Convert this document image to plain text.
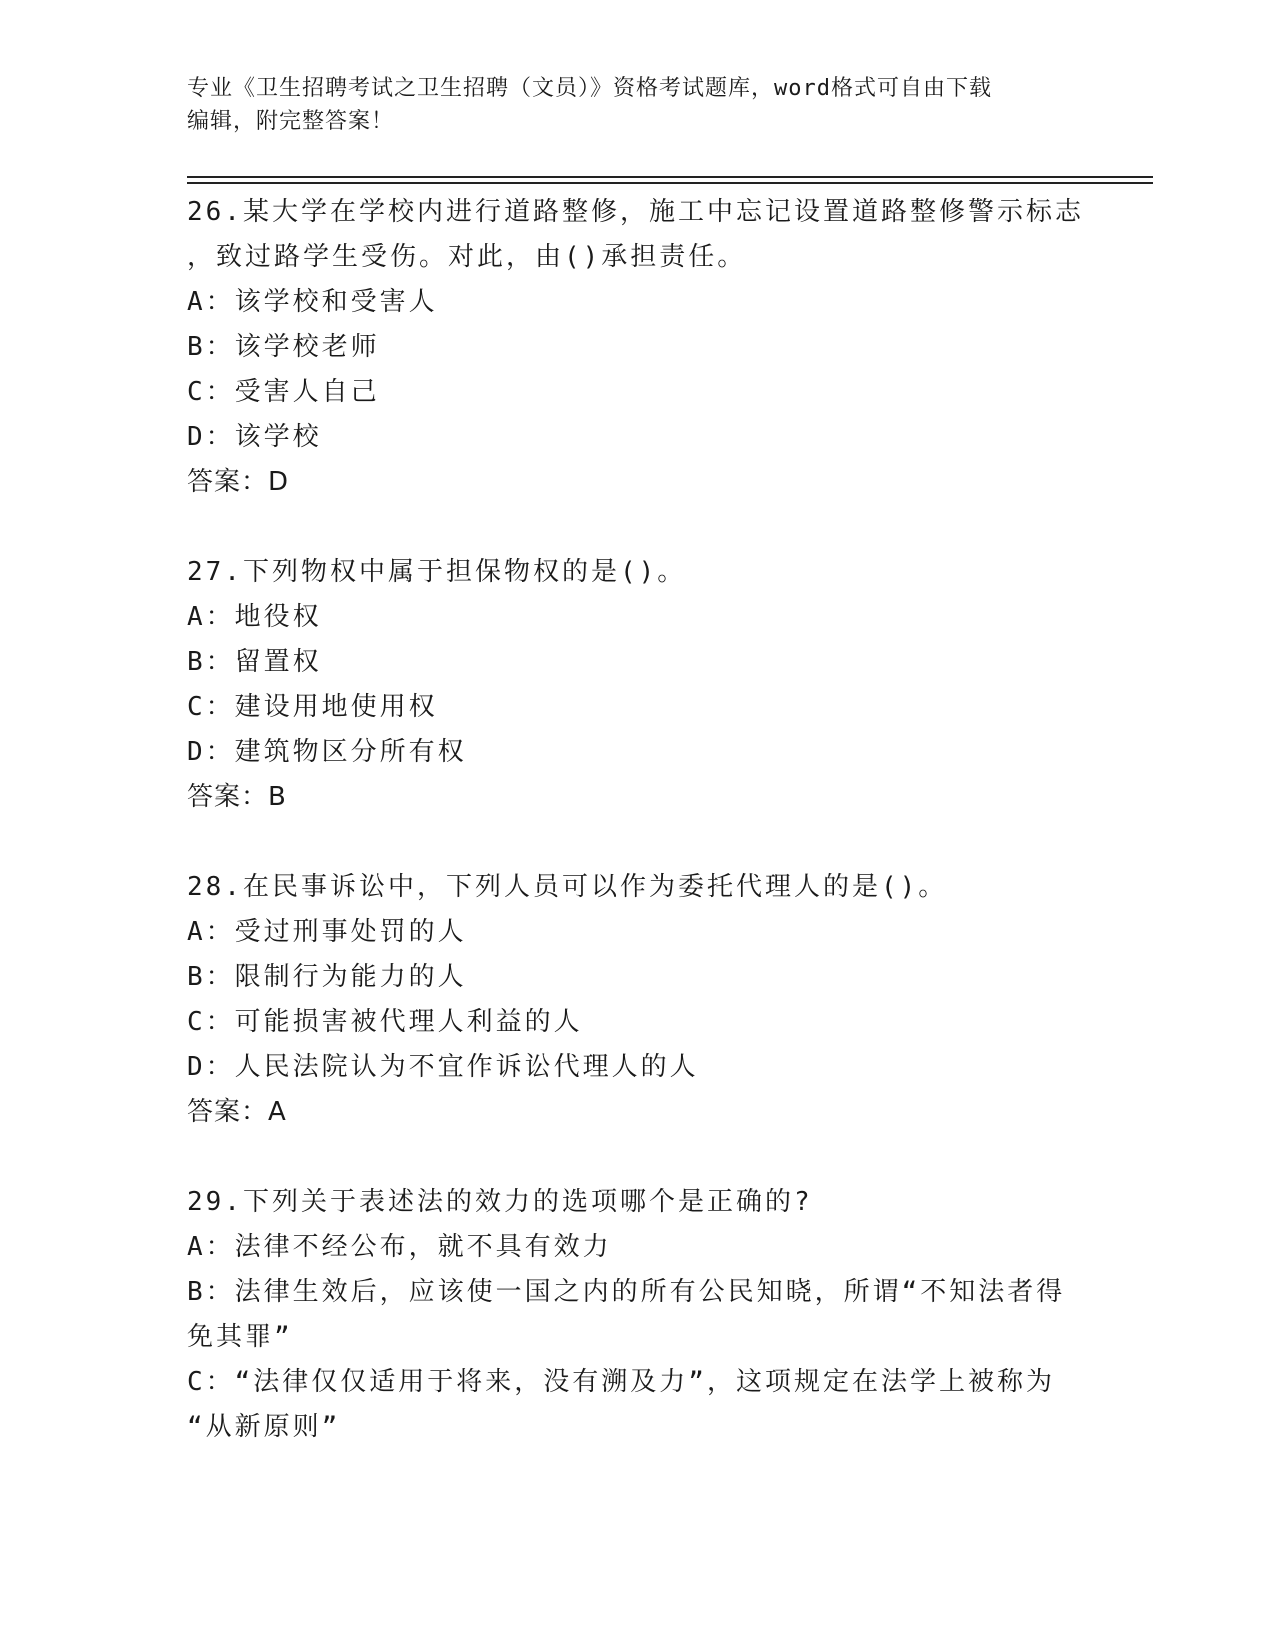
专业《卫生招聘考试之卫生招聘（文员）》资格考试题库，word格式可自由下载
编辑，附完整答案！
26.某大学在学校内进行道路整修，施工中忘记设置道路整修警示标志
，致过路学生受伤。对此，由()承担责任。
A：该学校和受害人
B：该学校老师
C：受害人自己
D：该学校
答案：D
27.下列物权中属于担保物权的是()。
A：地役权
B：留置权
C：建设用地使用权
D：建筑物区分所有权
答案：B
28.在民事诉讼中，下列人员可以作为委托代理人的是()。
A：受过刑事处罚的人
B：限制行为能力的人
C：可能损害被代理人利益的人
D：人民法院认为不宜作诉讼代理人的人
答案：A
29.下列关于表述法的效力的选项哪个是正确的?
A：法律不经公布，就不具有效力
B：法律生效后，应该使一国之内的所有公民知晓，所谓“不知法者得
免其罪”
C：“法律仅仅适用于将来，没有溯及力”，这项规定在法学上被称为
“从新原则”
